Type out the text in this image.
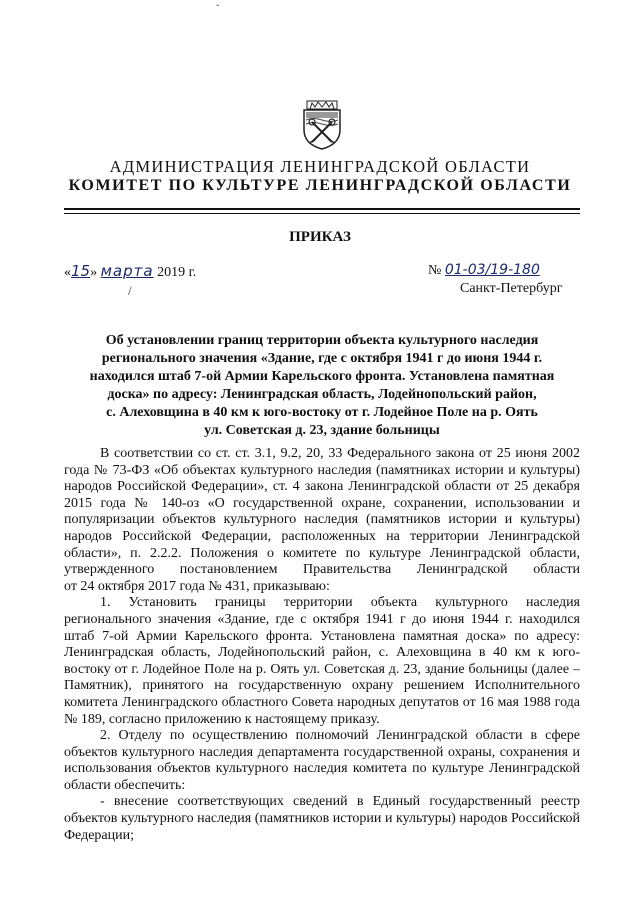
ˇ
АДМИНИСТРАЦИЯ ЛЕНИНГРАДСКОЙ ОБЛАСТИ
КОМИТЕТ ПО КУЛЬТУРЕ ЛЕНИНГРАДСКОЙ ОБЛАСТИ
ПРИКАЗ
«15» марта 2019 г.
/
№ 01-03/19-180
Санкт-Петербург
Об установлении границ территории объекта культурного наследия
регионального значения «Здание, где с октября 1941 г до июня 1944 г.
находился штаб 7-ой Армии Карельского фронта. Установлена памятная
доска» по адресу: Ленинградская область, Лодейнопольский район,
с. Алеховщина в 40 км к юго-востоку от г. Лодейное Поле на р. Оять
ул. Советская д. 23, здание больницы

В соответствии со ст. ст. 3.1, 9.2, 20, 33 Федерального закона от 25 июня 2002 года № 73-ФЗ «Об объектах культурного наследия (памятниках истории и культуры) народов Российской Федерации», ст. 4 закона Ленинградской области от 25 декабря 2015 года № 140-оз «О государственной охране, сохранении, использовании и популяризации объектов культурного наследия (памятников истории и культуры) народов Российской Федерации, расположенных на территории Ленинградской области», п. 2.2.2. Положения о комитете по культуре Ленинградской области, утвержденного постановлением Правительства Ленинградской области

от 24 октября 2017 года № 431, приказываю:

1. Установить границы территории объекта культурного наследия регионального значения «Здание, где с октября 1941 г до июня 1944 г. находился штаб 7-ой Армии Карельского фронта. Установлена памятная доска» по адресу: Ленинградская область, Лодейнопольский район, с. Алеховщина в 40 км к юго-востоку от г. Лодейное Поле на р. Оять ул. Советская д. 23, здание больницы (далее – Памятник), принятого на государственную охрану решением Исполнительного комитета Ленинградского областного Совета народных депутатов от 16 мая 1988 года № 189, согласно приложению к настоящему приказу.

2. Отделу по осуществлению полномочий Ленинградской области в сфере объектов культурного наследия департамента государственной охраны, сохранения и использования объектов культурного наследия комитета по культуре Ленинградской области обеспечить:

- внесение соответствующих сведений в Единый государственный реестр объектов культурного наследия (памятников истории и культуры) народов Российской Федерации;
